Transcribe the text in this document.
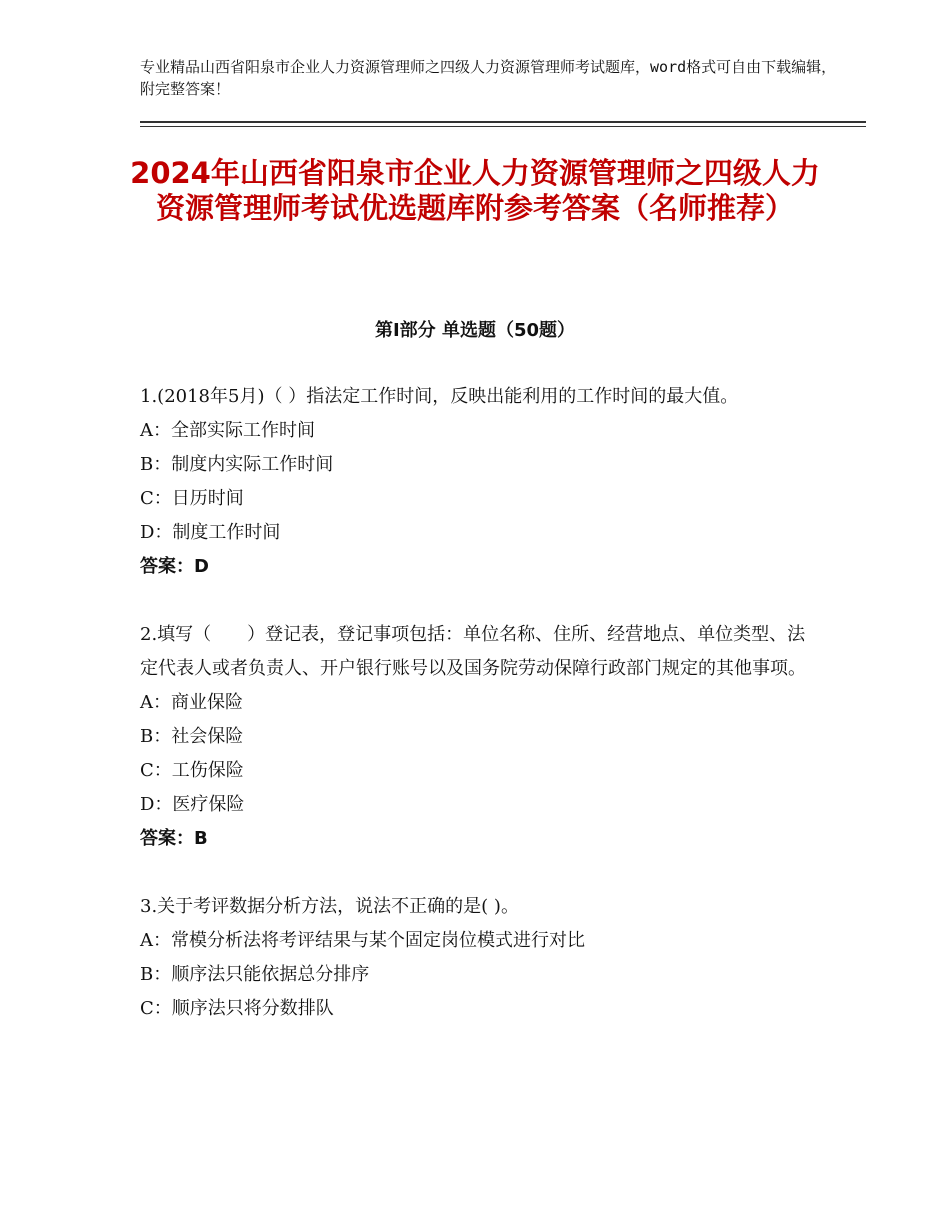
专业精品山西省阳泉市企业人力资源管理师之四级人力资源管理师考试题库，word格式可自由下载编辑，附完整答案！
2024年山西省阳泉市企业人力资源管理师之四级人力资源管理师考试优选题库附参考答案（名师推荐）
第Ⅰ部分 单选题（50题）
1.(2018年5月)（ ）指法定工作时间，反映出能利用的工作时间的最大值。
A：全部实际工作时间
B：制度内实际工作时间
C：日历时间
D：制度工作时间
答案：D
2.填写（　　）登记表，登记事项包括：单位名称、住所、经营地点、单位类型、法定代表人或者负责人、开户银行账号以及国务院劳动保障行政部门规定的其他事项。
A：商业保险
B：社会保险
C：工伤保险
D：医疗保险
答案：B
3.关于考评数据分析方法，说法不正确的是( )。
A：常模分析法将考评结果与某个固定岗位模式进行对比
B：顺序法只能依据总分排序
C：顺序法只将分数排队
